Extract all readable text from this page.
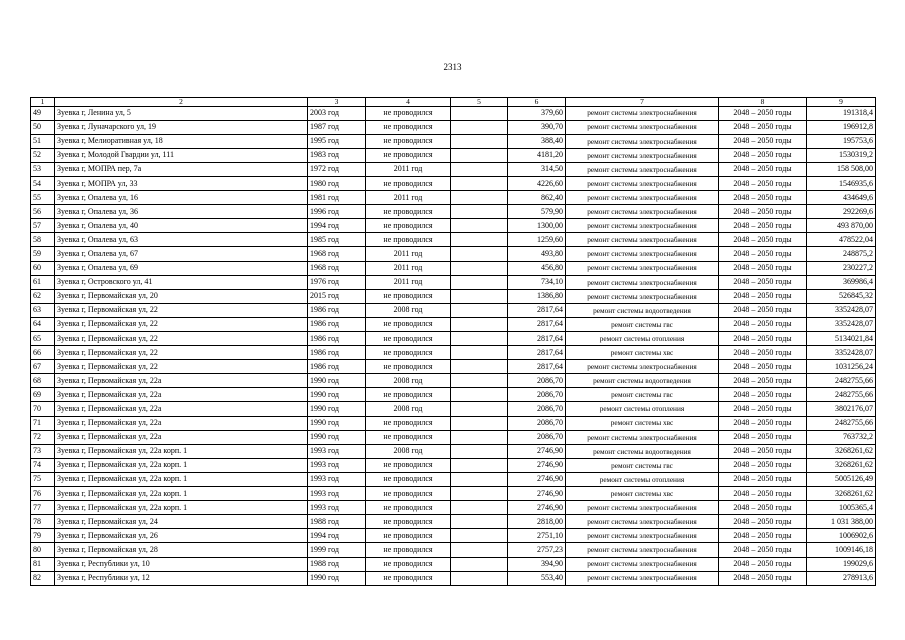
2313
1	2	3	4	5	6	7	8	9
49	Зуевка г, Ленина ул, 5	2003 год	не проводился		379,60	ремонт системы электроснабжения	2048 – 2050 годы	191318,4
50	Зуевка г, Луначарского ул, 19	1987 год	не проводился		390,70	ремонт системы электроснабжения	2048 – 2050 годы	196912,8
51	Зуевка г, Мелиоративная ул, 18	1995 год	не проводился		388,40	ремонт системы электроснабжения	2048 – 2050 годы	195753,6
52	Зуевка г, Молодой Гвардии ул, 111	1983 год	не проводился		4181,20	ремонт системы электроснабжения	2048 – 2050 годы	1530319,2
53	Зуевка г, МОПРА пер, 7а	1972 год	2011 год		314,50	ремонт системы электроснабжения	2048 – 2050 годы	158 508,00
54	Зуевка г, МОПРА ул, 33	1980 год	не проводился		4226,60	ремонт системы электроснабжения	2048 – 2050 годы	1546935,6
55	Зуевка г, Опалева ул, 16	1981 год	2011 год		862,40	ремонт системы электроснабжения	2048 – 2050 годы	434649,6
56	Зуевка г, Опалева ул, 36	1996 год	не проводился		579,90	ремонт системы электроснабжения	2048 – 2050 годы	292269,6
57	Зуевка г, Опалева ул, 40	1994 год	не проводился		1300,00	ремонт системы электроснабжения	2048 – 2050 годы	493 870,00
58	Зуевка г, Опалева ул, 63	1985 год	не проводился		1259,60	ремонт системы электроснабжения	2048 – 2050 годы	478522,04
59	Зуевка г, Опалева ул, 67	1968 год	2011 год		493,80	ремонт системы электроснабжения	2048 – 2050 годы	248875,2
60	Зуевка г, Опалева ул, 69	1968 год	2011 год		456,80	ремонт системы электроснабжения	2048 – 2050 годы	230227,2
61	Зуевка г, Островского ул, 41	1976 год	2011 год		734,10	ремонт системы электроснабжения	2048 – 2050 годы	369986,4
62	Зуевка г, Первомайская ул, 20	2015 год	не проводился		1386,80	ремонт системы электроснабжения	2048 – 2050 годы	526845,32
63	Зуевка г, Первомайская ул, 22	1986 год	2008 год		2817,64	ремонт системы водоотведения	2048 – 2050 годы	3352428,07
64	Зуевка г, Первомайская ул, 22	1986 год	не проводился		2817,64	ремонт системы гвс	2048 – 2050 годы	3352428,07
65	Зуевка г, Первомайская ул, 22	1986 год	не проводился		2817,64	ремонт системы отопления	2048 – 2050 годы	5134021,84
66	Зуевка г, Первомайская ул, 22	1986 год	не проводился		2817,64	ремонт системы хвс	2048 – 2050 годы	3352428,07
67	Зуевка г, Первомайская ул, 22	1986 год	не проводился		2817,64	ремонт системы электроснабжения	2048 – 2050 годы	1031256,24
68	Зуевка г, Первомайская ул, 22а	1990 год	2008 год		2086,70	ремонт системы водоотведения	2048 – 2050 годы	2482755,66
69	Зуевка г, Первомайская ул, 22а	1990 год	не проводился		2086,70	ремонт системы гвс	2048 – 2050 годы	2482755,66
70	Зуевка г, Первомайская ул, 22а	1990 год	2008 год		2086,70	ремонт системы отопления	2048 – 2050 годы	3802176,07
71	Зуевка г, Первомайская ул, 22а	1990 год	не проводился		2086,70	ремонт системы хвс	2048 – 2050 годы	2482755,66
72	Зуевка г, Первомайская ул, 22а	1990 год	не проводился		2086,70	ремонт системы электроснабжения	2048 – 2050 годы	763732,2
73	Зуевка г, Первомайская ул, 22а корп. 1	1993 год	2008 год		2746,90	ремонт системы водоотведения	2048 – 2050 годы	3268261,62
74	Зуевка г, Первомайская ул, 22а корп. 1	1993 год	не проводился		2746,90	ремонт системы гвс	2048 – 2050 годы	3268261,62
75	Зуевка г, Первомайская ул, 22а корп. 1	1993 год	не проводился		2746,90	ремонт системы отопления	2048 – 2050 годы	5005126,49
76	Зуевка г, Первомайская ул, 22а корп. 1	1993 год	не проводился		2746,90	ремонт системы хвс	2048 – 2050 годы	3268261,62
77	Зуевка г, Первомайская ул, 22а корп. 1	1993 год	не проводился		2746,90	ремонт системы электроснабжения	2048 – 2050 годы	1005365,4
78	Зуевка г, Первомайская ул, 24	1988 год	не проводился		2818,00	ремонт системы электроснабжения	2048 – 2050 годы	1 031 388,00
79	Зуевка г, Первомайская ул, 26	1994 год	не проводился		2751,10	ремонт системы электроснабжения	2048 – 2050 годы	1006902,6
80	Зуевка г, Первомайская ул, 28	1999 год	не проводился		2757,23	ремонт системы электроснабжения	2048 – 2050 годы	1009146,18
81	Зуевка г, Республики ул, 10	1988 год	не проводился		394,90	ремонт системы электроснабжения	2048 – 2050 годы	199029,6
82	Зуевка г, Республики ул, 12	1990 год	не проводился		553,40	ремонт системы электроснабжения	2048 – 2050 годы	278913,6
